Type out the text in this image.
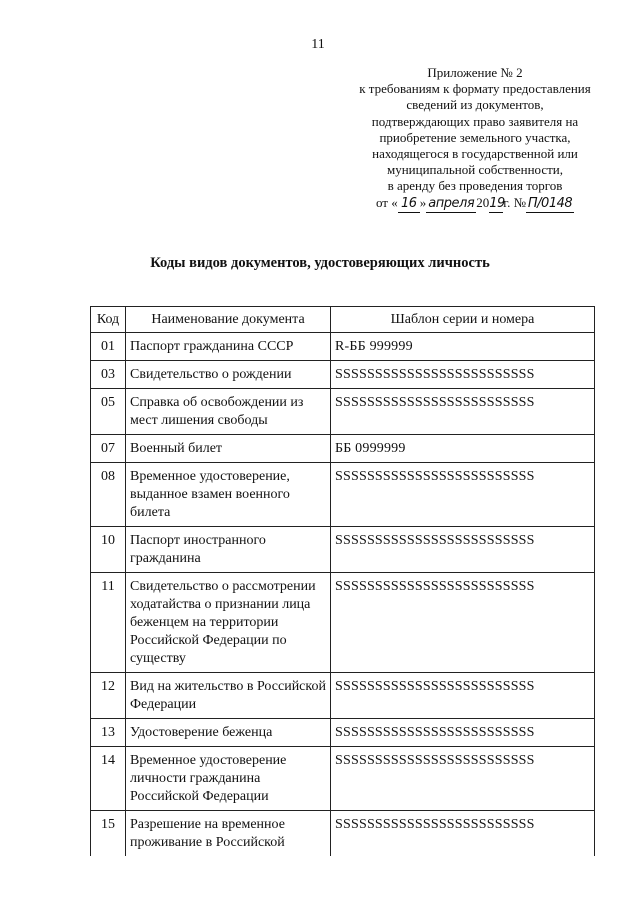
11
Приложение № 2
к требованиям к формату предоставления
сведений из документов,
подтверждающих право заявителя на
приобретение земельного участка,
находящегося в государственной или
муниципальной собственности,
в аренду без проведения торгов
от « 16 » апреля 2019г. № П/0148
Коды видов документов, удостоверяющих личность
Код	Наименование документа	Шаблон серии и номера
01	Паспорт гражданина СССР	R-ББ 999999
03	Свидетельство о рождении	SSSSSSSSSSSSSSSSSSSSSSSSS
05	Справка об освобождении из мест лишения свободы	SSSSSSSSSSSSSSSSSSSSSSSSS
07	Военный билет	ББ 0999999
08	Временное удостоверение, выданное взамен военного билета	SSSSSSSSSSSSSSSSSSSSSSSSS
10	Паспорт иностранного гражданина	SSSSSSSSSSSSSSSSSSSSSSSSS
11	Свидетельство о рассмотрении ходатайства о признании лица беженцем на территории Российской Федерации по существу	SSSSSSSSSSSSSSSSSSSSSSSSS
12	Вид на жительство в Российской Федерации	SSSSSSSSSSSSSSSSSSSSSSSSS
13	Удостоверение беженца	SSSSSSSSSSSSSSSSSSSSSSSSS
14	Временное удостоверение личности гражданина Российской Федерации	SSSSSSSSSSSSSSSSSSSSSSSSS
15	Разрешение на временное проживание в Российской	SSSSSSSSSSSSSSSSSSSSSSSSS
